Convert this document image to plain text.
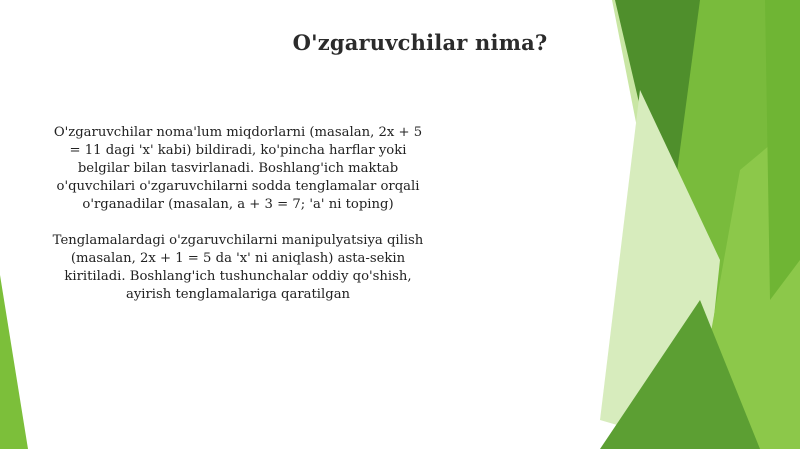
O'zgaruvchilar nima?

O'zgaruvchilar noma'lum miqdorlarni (masalan, 2x + 5 = 11 dagi 'x' kabi) bildiradi, ko'pincha harflar yoki belgilar bilan tasvirlanadi. Boshlang'ich maktab o'quvchilari o'zgaruvchilarni sodda tenglamalar orqali o'rganadilar (masalan, a + 3 = 7; 'a' ni toping)

Tenglamalardagi o'zgaruvchilarni manipulyatsiya qilish (masalan, 2x + 1 = 5 da 'x' ni aniqlash) asta-sekin kiritiladi. Boshlang'ich tushunchalar oddiy qo'shish, ayirish tenglamalariga qaratilgan
